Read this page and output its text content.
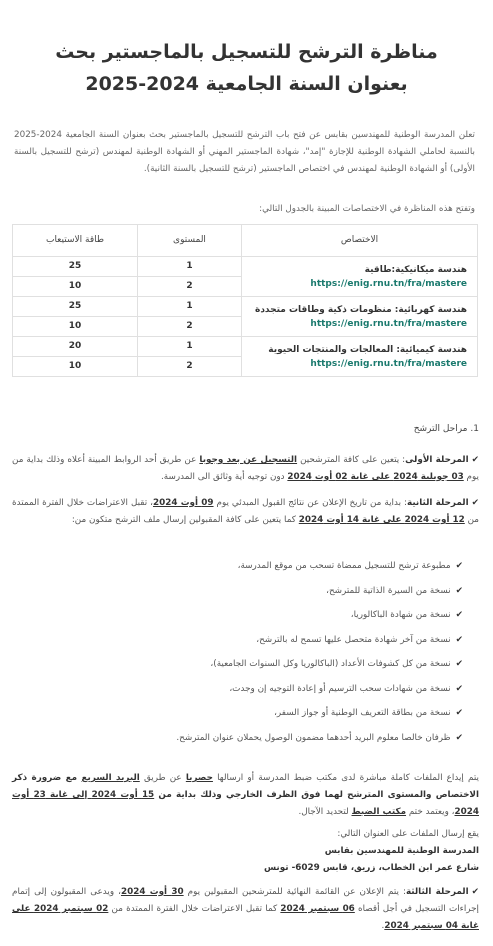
مناظرة الترشح للتسجيل بالماجستير بحث
بعنوان السنة الجامعية 2024-2025

تعلن المدرسة الوطنية للمهندسين بقابس عن فتح باب الترشح للتسجيل بالماجستير بحث بعنوان السنة الجامعية 2024-2025 بالنسبة لحاملي الشهادة الوطنية للإجازة "إمد"، شهادة الماجستير المهني أو الشهادة الوطنية لمهندس (ترشح للتسجيل بالسنة الأولى) أو الشهادة الوطنية لمهندس في اختصاص الماجستير (ترشح للتسجيل بالسنة الثانية).

وتفتح هذه المناظرة في الاختصاصات المبينة بالجدول التالي:

الاختصاص	المستوى	طاقة الاستيعاب

هندسة ميكانيكية:طاقية
https://enig.rnu.tn/fra/mastere	1	25
	2	10

هندسة كهربائية: منظومات ذكية وطاقات متجددة
https://enig.rnu.tn/fra/mastere	1	25
	2	10

هندسة كيميائية: المعالجات والمنتجات الحيوية
https://enig.rnu.tn/fra/mastere	1	20
	2	10
1. مراحل الترشح

✔المرحلة الأولى: يتعين على كافة المترشحين التسجيل عن بعد وجوبا عن طريق أحد الروابط المبينة أعلاه وذلك بداية من يوم 03 جويلية 2024 على غاية 02 أوت 2024 دون توجيه أية وثائق الى المدرسة.

✔المرحلة الثانية: بداية من تاريخ الإعلان عن نتائج القبول المبدئي يوم 09 أوت 2024، تقبل الاعتراضات خلال الفترة الممتدة من 12 أوت 2024 على غاية 14 أوت 2024 كما يتعين على كافة المقبولين إرسال ملف الترشح متكون من:

✔مطبوعة ترشح للتسجيل ممضاة تسحب من موقع المدرسة،
✔نسخة من السيرة الذاتية للمترشح،
✔نسخة من شهادة الباكالوريا،
✔نسخة من آخر شهادة متحصل عليها تسمح له بالترشح،
✔نسخة من كل كشوفات الأعداد (الباكالوريا وكل السنوات الجامعية)،
✔نسخة من شهادات سحب الترسيم أو إعادة التوجيه إن وجدت،
✔نسخة من بطاقة التعريف الوطنية أو جواز السفر،
✔ظرفان خالصا معلوم البريد أحدهما مضمون الوصول يحملان عنوان المترشح.

يتم إيداع الملفات كاملة مباشرة لدى مكتب ضبط المدرسة أو ارسالها حصريا عن طريق البريد السريع مع ضرورة ذكر الاختصاص والمستوى المترشح لهما فوق الظرف الخارجي وذلك بداية من 15 أوت 2024 إلى غاية 23 أوت 2024، ويعتمد ختم مكتب الضبط لتحديد الآجال.

يقع إرسال الملفات على العنوان التالي:

المدرسة الوطنية للمهندسين بقابس

شارع عمر ابن الخطاب، زريق، قابس 6029- تونس

✔المرحلة الثالثة: يتم الإعلان عن القائمة النهائية للمترشحين المقبولين يوم 30 أوت 2024، ويدعى المقبولون إلى إتمام إجراءات التسجيل في أجل أقصاه 06 سبتمبر 2024 كما تقبل الاعتراضات خلال الفترة الممتدة من 02 سبتمبر 2024 على غاية 04 سبتمبر 2024.
